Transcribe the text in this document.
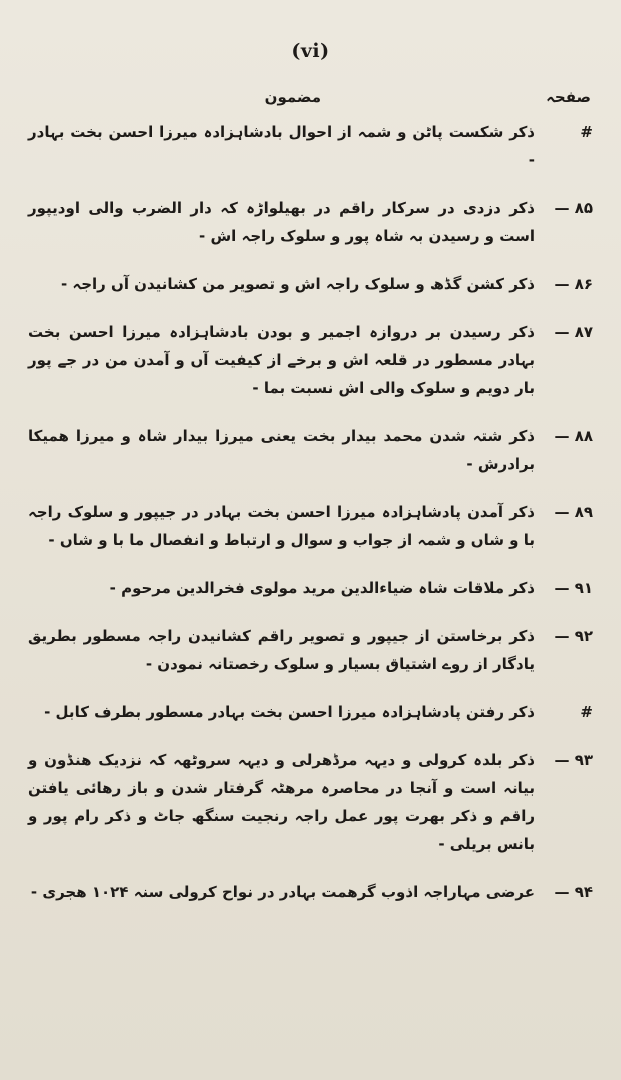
(vi)
صفحہ
مضمون
#
ذکر شکست پاٹن و شمہ از احوال بادشاہزادہ میرزا احسن بخت بہادر -
۸۵ —
ذکر دزدی در سرکار راقم در بھیلواڑہ کہ دار الضرب والی اودیپور است و رسیدن بہ شاہ پور و سلوک راجہ اش -
۸۶ —
ذکر کشن گڈھ و سلوک راجہ اش و تصویر من کشانیدن آں راجہ -
۸۷ —
ذکر رسیدن بر دروازہ اجمیر و بودن بادشاہزادہ میرزا احسن بخت بہادر مسطور در قلعہ اش و برخے از کیفیت آں و آمدن من در جے پور بار دویم و سلوک والی اش نسبت بما -
۸۸ —
ذکر شتہ شدن محمد بیدار بخت یعنی میرزا بیدار شاہ و میرزا همیکا برادرش -
۸۹ —
ذکر آمدن پادشاہزادہ میرزا احسن بخت بہادر در جیپور و سلوک راجہ با و شاں و شمہ از جواب و سوال و ارتباط و انفصال ما با و شاں -
۹۱ —
ذکر ملاقات شاہ ضیاءالدین مرید مولوی فخرالدین مرحوم -
۹۲ —
ذکر برخاستن از جیپور و تصویر راقم کشانیدن راجہ مسطور بطریق یادگار از روے اشتیاق بسیار و سلوک رخصتانہ نمودن -
#
ذکر رفتن پادشاہزادہ میرزا احسن بخت بہادر مسطور بطرف کابل -
۹۳ —
ذکر بلدہ کرولی و دیہہ مرڈھرلی و دیہہ سروٹھہ کہ نزدیک هنڈون و بیانہ است و آنجا در محاصرہ مرهٹہ گرفتار شدن و باز رهائی یافتن راقم و ذکر بھرت پور عمل راجہ رنجیت سنگھ جاٹ و ذکر رام پور و بانس بریلی -
۹۴ —
عرضی مہاراجہ اذوب گرهمت بہادر در نواح کرولی سنہ ۱۰۲۴ هجری -
